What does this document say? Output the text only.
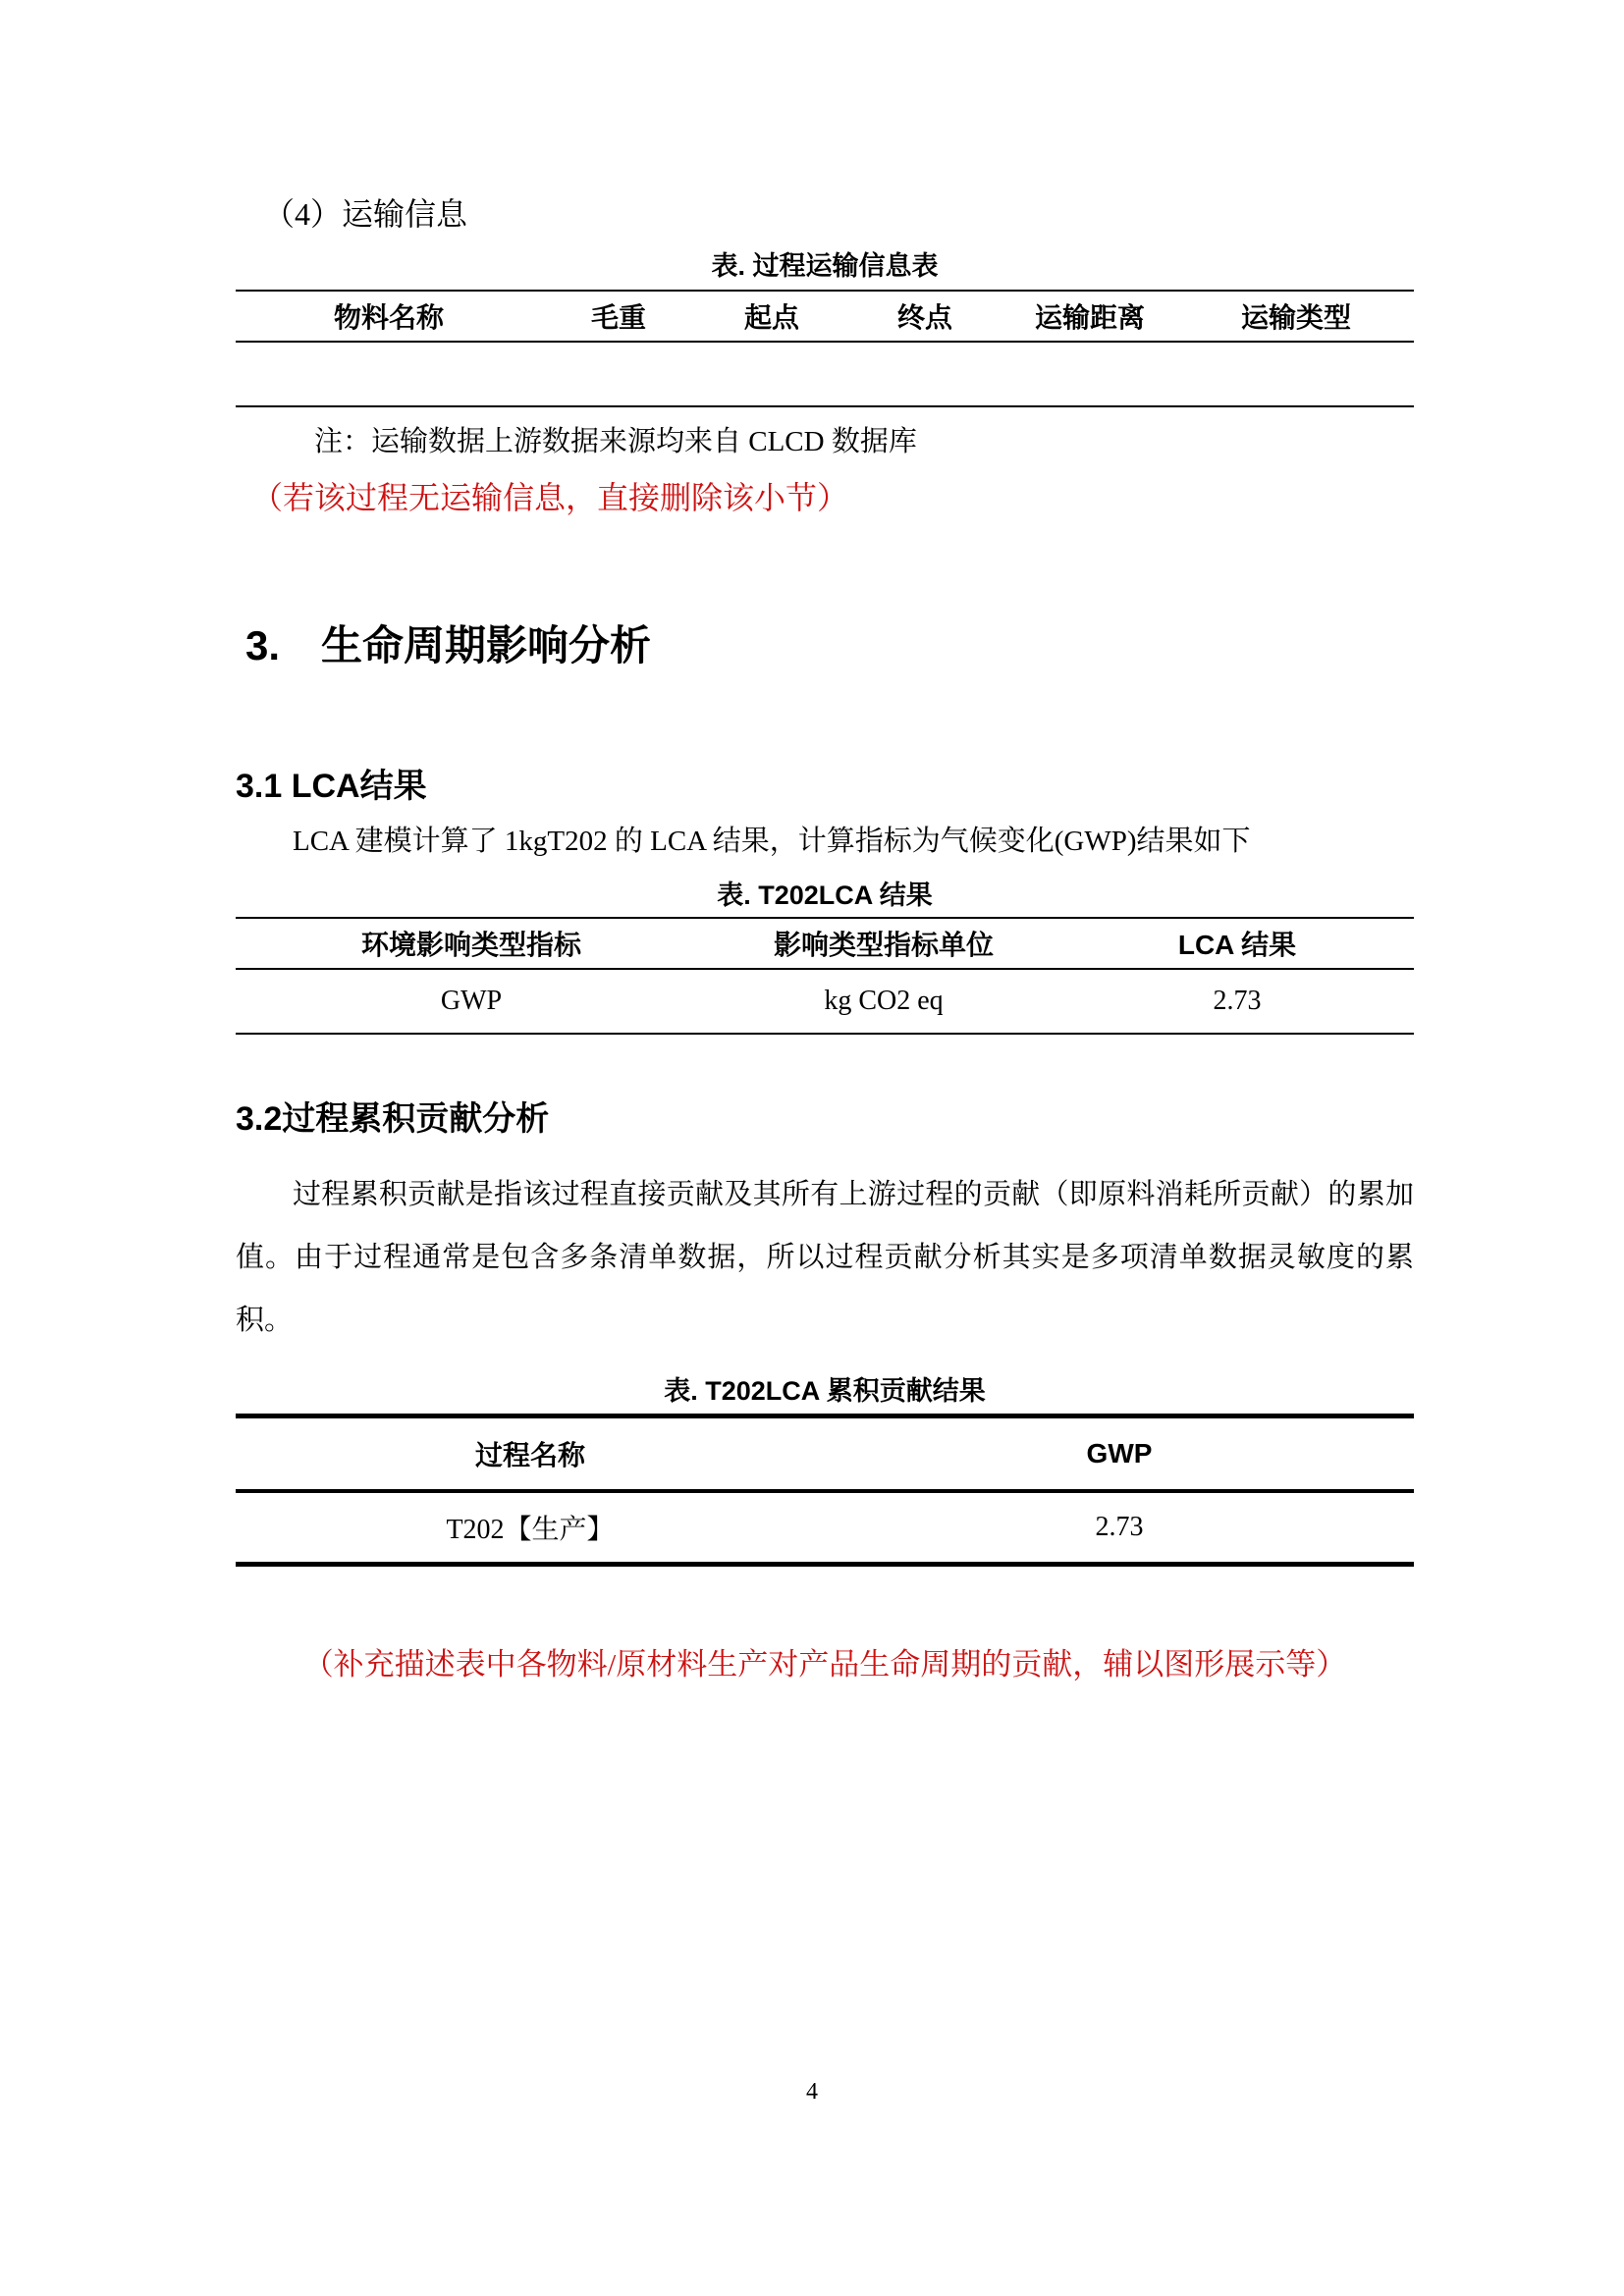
（4）运输信息
表. 过程运输信息表
物料名称	毛重	起点	终点	运输距离	运输类型

注：运输数据上游数据来源均来自 CLCD 数据库
（若该过程无运输信息，直接删除该小节）
3.　生命周期影响分析
3.1 LCA结果
LCA 建模计算了 1kgT202 的 LCA 结果，计算指标为气候变化(GWP)结果如下
表. T202LCA 结果
环境影响类型指标	影响类型指标单位	LCA 结果
GWP	kg CO2 eq	2.73
3.2过程累积贡献分析
过程累积贡献是指该过程直接贡献及其所有上游过程的贡献（即原料消耗所贡献）的累加值。由于过程通常是包含多条清单数据，所以过程贡献分析其实是多项清单数据灵敏度的累积。
表. T202LCA 累积贡献结果
过程名称	GWP
T202【生产】	2.73
（补充描述表中各物料/原材料生产对产品生命周期的贡献，辅以图形展示等）
4
